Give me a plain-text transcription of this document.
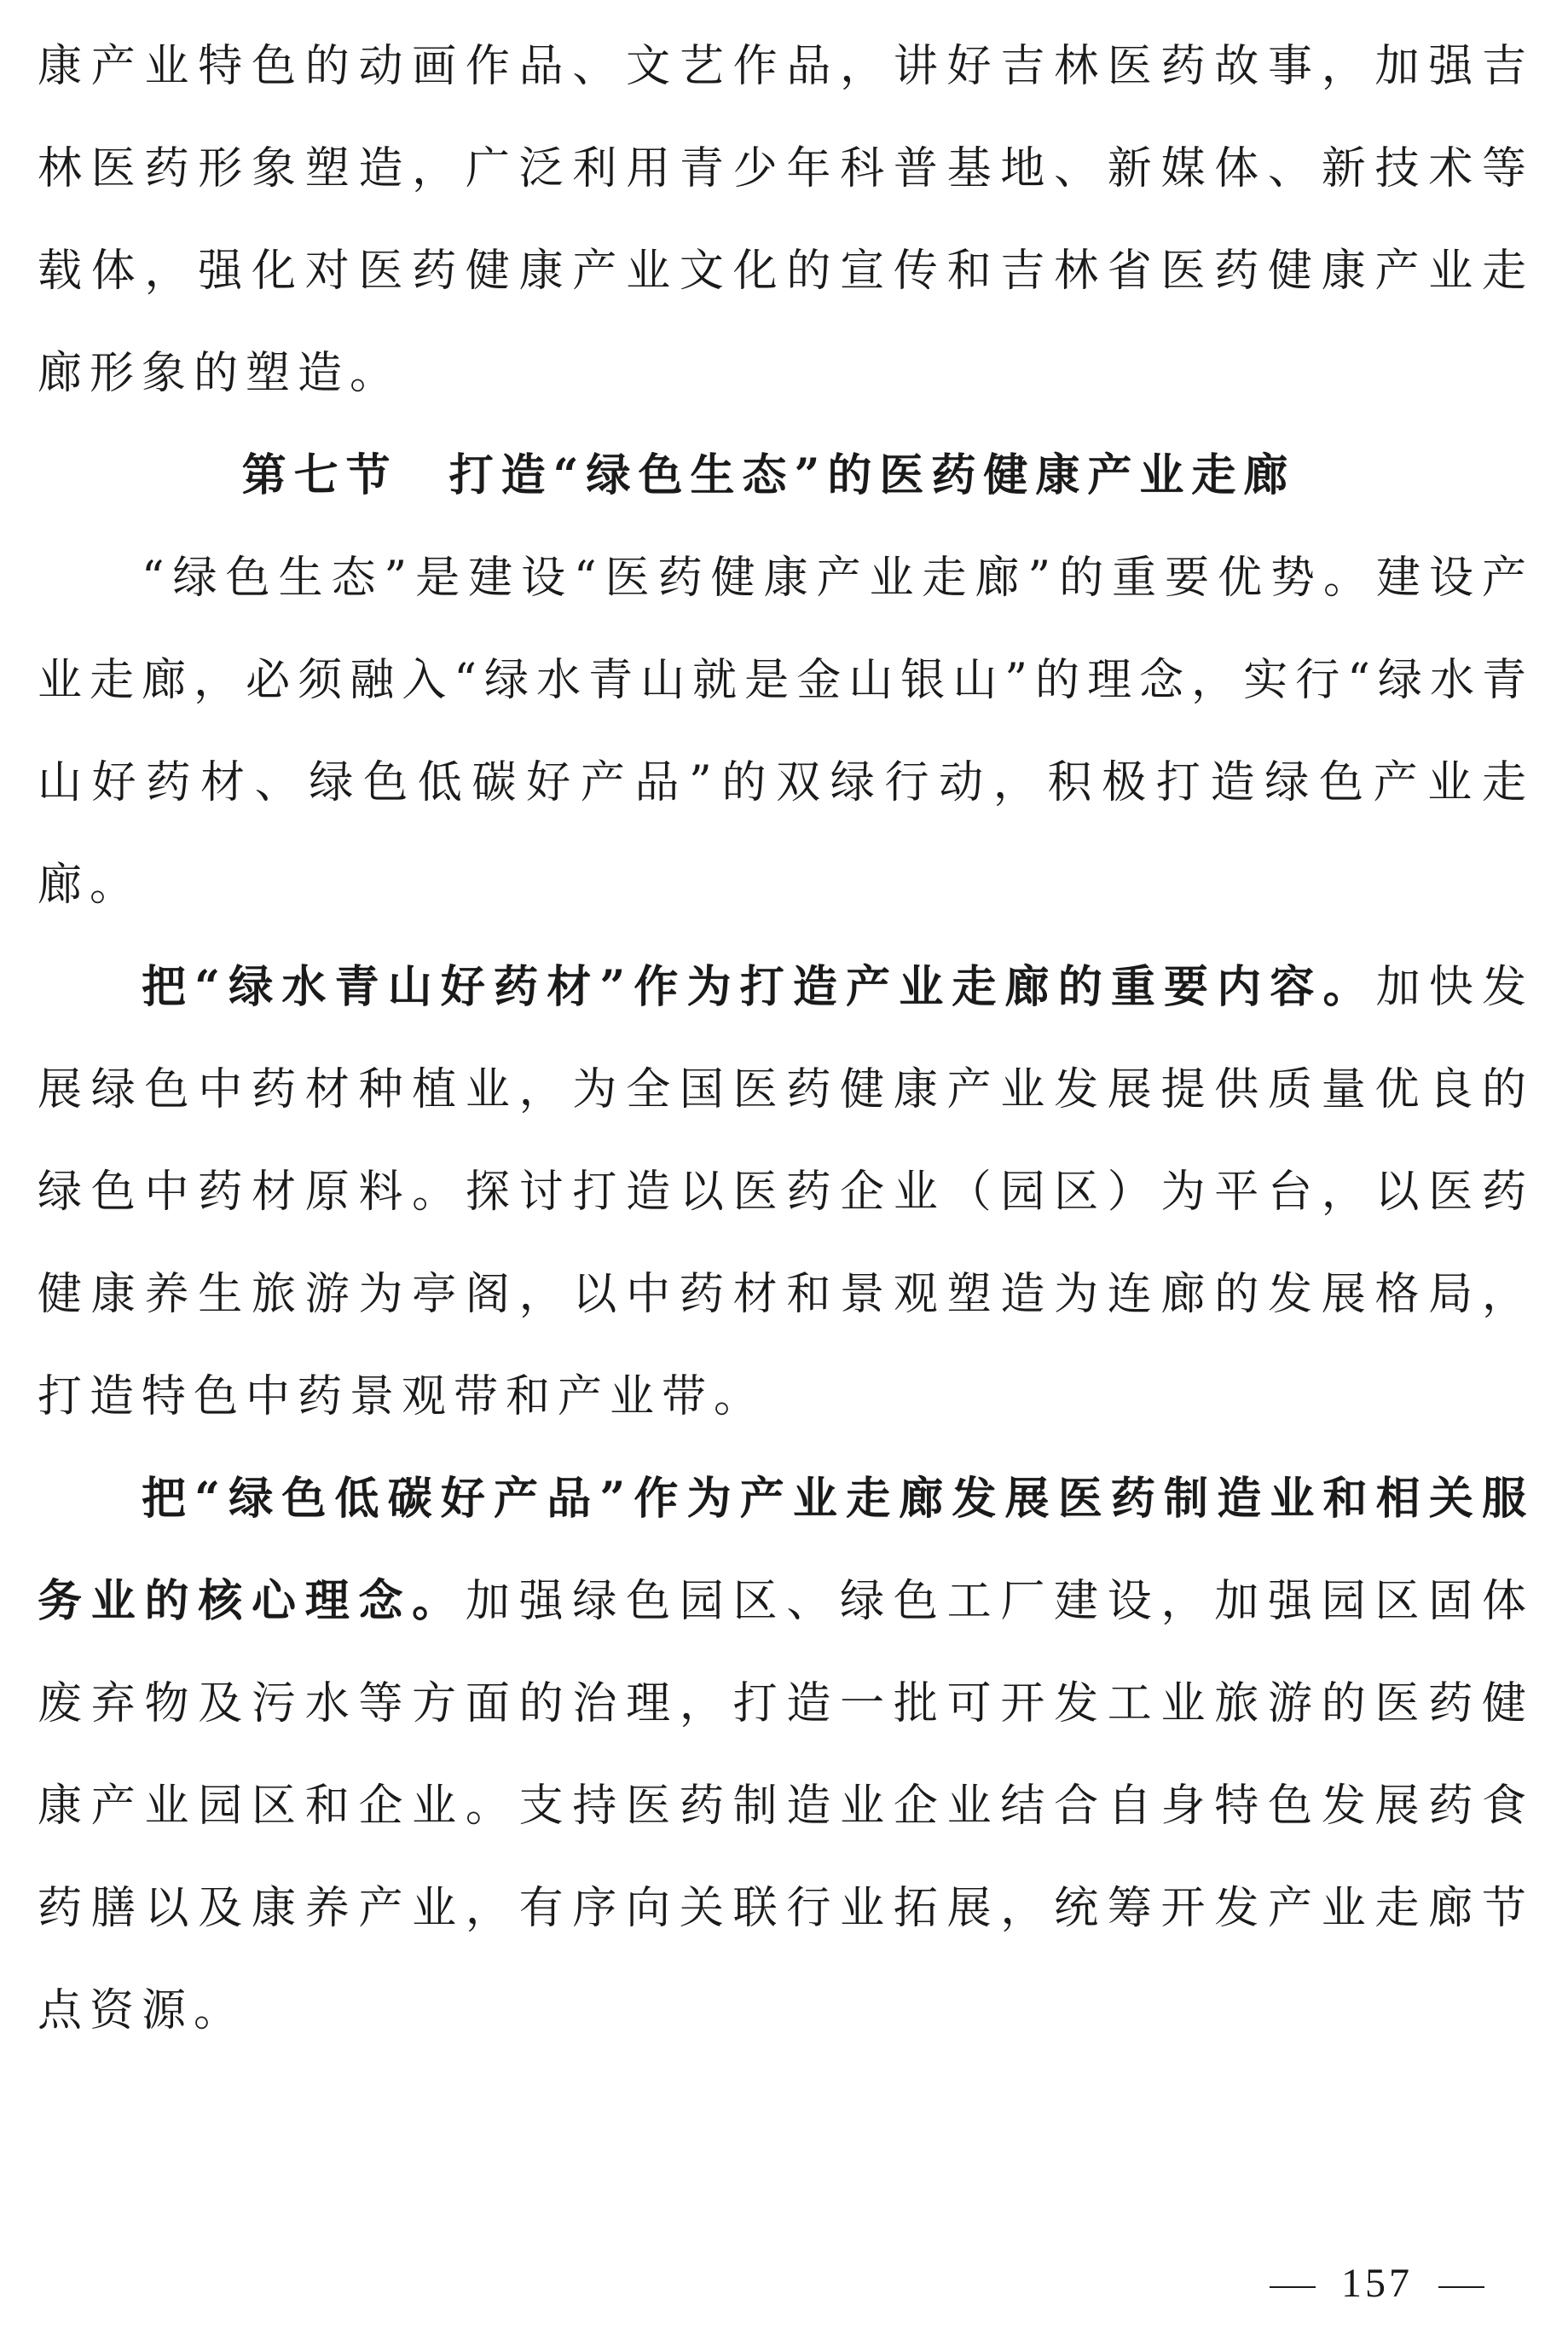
康产业特色的动画作品、文艺作品，讲好吉林医药故事，加强吉林医药形象塑造，广泛利用青少年科普基地、新媒体、新技术等载体，强化对医药健康产业文化的宣传和吉林省医药健康产业走廊形象的塑造。

第七节 打造“绿色生态”的医药健康产业走廊

“绿色生态”是建设“医药健康产业走廊”的重要优势。建设产业走廊，必须融入“绿水青山就是金山银山”的理念，实行“绿水青山好药材、绿色低碳好产品”的双绿行动，积极打造绿色产业走廊。

把“绿水青山好药材”作为打造产业走廊的重要内容。加快发展绿色中药材种植业，为全国医药健康产业发展提供质量优良的绿色中药材原料。探讨打造以医药企业（园区）为平台，以医药健康养生旅游为亭阁，以中药材和景观塑造为连廊的发展格局，打造特色中药景观带和产业带。

把“绿色低碳好产品”作为产业走廊发展医药制造业和相关服务业的核心理念。加强绿色园区、绿色工厂建设，加强园区固体废弃物及污水等方面的治理，打造一批可开发工业旅游的医药健康产业园区和企业。支持医药制造业企业结合自身特色发展药食药膳以及康养产业，有序向关联行业拓展，统筹开发产业走廊节点资源。

157
